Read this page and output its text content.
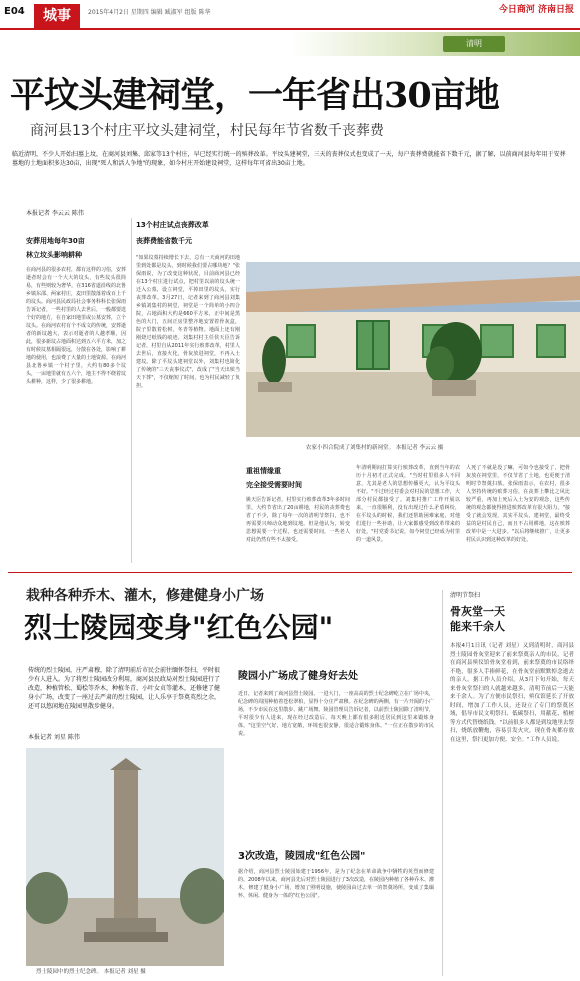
E04	城事	2015年4月2日 星期四 编辑 臧淑军 组版 陈华	今日商河 济南日报
清明
平坟头建祠堂，一年省出30亩地
商河县13个村庄平坟头建祠堂，村民每年节省数千丧葬费
临近清明，不少人开始扫墓上坟，在商河县刘集、邱家等13个村庄，早已经实行统一的殡葬改革。平坟头建祠堂，三天的丧葬仪式也变成了一天，每户丧葬费就能省下数千元，据了解，以前商河县每年用于安葬墓地的土地面积多达30亩，出现"死人和活人争地"的现象，如今村庄开始建设祠堂，这样每年可省出30亩土地。
本报记者 李云云 陈伟
安葬用地每年30亩
林立坟头影响耕种
在商河县的很多农村，都有这样的习俗，安葬逝者时会有一个大大的坟头，有些坟头很简易，有些则较为奢华。在316省道沿线的北鲁乡镇东邵、两家村庄，麦田里散落着成百上千的坟头。商河县民政局社会事务科科长张保雨告诉记者，一些村里的人去世后，一般都要选个好的地方，在自家田地里或公墓安葬，立个坟头。在商河农村有个不成文的传统，安葬逝者的新坟越大，表示对逝者的人越孝顺，因此，很多新坟占地面积达到五六平方米，加之有时候坟墓相隔很远，分散在各处，影响了耕地的使用，也浪费了大量的土地资源。在商河县北鲁乡镇一个村子里，大约有80多个坟头，一亩地里就有五六个，地主不得不绕着坟头耕种，这样，少了很多耕地。
13个村庄试点丧葬改革
丧葬费能省数千元
"如果坟墓持续增长下去，总有一天商河的田地里到处都是坟头，到时候我们要占哪块地？"张保雨说，为了改变这种状况，目前商河县已经在13个村庄进行试点，把村里以前的坟头统一迁入公墓，设立祠堂，平掉田里的坟头，实行丧葬改革。3月27日，记者来到了商河县刘集乡镇刘集村的祠堂，祠堂是一个简单的小四合院，占地面积大约是660平方米，正中间是黑色的大门，五间正房里整齐地安置着骨灰盒，院子里散着松树，冬青等植物。地面上还有刚刚烧过纸钱的痕迹。刘集村村主任侯天臣告诉记者，村里自从2011年实行殡葬改革，村里人去世后，直接火化，骨灰放进祠堂，不再入土建坟。除了平坟头建祠堂以外，刘集村也简化了传统的"三天丧事仪式"，改成了"当天出殡当天下葬"，不仅缩短了时间，也为村民减轻了负担。
农家小四合院成了刘集村的新祠堂。 本报记者 李云云 摄
重祖情缘重
完全接受需要时间
姚天臣告诉记者，村里实行殡葬改革3年多时间里，大约节省出了20亩耕地，村民的丧葬费也省了不少，除了每年一次的清明节祭扫，也不再需要兴师动众地到坟地。但是他认为，转变思想需要一个过程，也还需要时间，一些老人对此仍然有些不太接受。
年清明期间打算实行殡葬改革，直到当年的农历十月初才正式完成，"当时村里很多人不同意，尤其是老人的思想传播更大，认为平坟头不好。"不过经过村委会对村民的思想工作，大部分村民都接受了。刘集村推广工作开展以来，一直很顺利，没有出现过什么矛盾纠纷，在平坟头的时候，我们还帮助困难家庭，对他们进行一些补助，让大家都感受到改革带来的好处。"村党委书记说，如今祠堂已经成为村里的一道风景。
人死了不就是没了嘛，可如今也接受了，把骨灰放在祠堂里，不仅节省了土地，也更便于清明时节祭奠扫墓。张保雨表示，在农村，很多人坚持传统的殡葬习俗，在丧葬上攀比之风比较严重，再加上死后入土为安的观念，这些传统的观念都使得推进殡葬改革有很大阻力。"接受了就会发现，其实平坟头、建祠堂，最终受益的是村民自己，而且不占用耕地，这在殡葬改革中是一大进步。"以后将继续推广，让更多村民认识到这种改革的好处。
栽种各种乔木、灌木，修建健身小广场
烈士陵园变身"红色公园"
传统的烈士陵园，庄严肃穆，除了清明前后市民会前往缅怀祭扫，平时很少有人进入。为了将烈士陵园改分利用，商河县民政局对烈士陵园进行了改造，种植管松、蜀桧等乔木，种植冬青、小叶女贞等灌木，还修建了健身小广场，改变了一座过去严肃的烈士陵园，让人乐享于祭奠英烈之余，还可以悠闲地在陵园里散步健身。
本报记者 刘星 陈伟
烈士陵园中的烈士纪念碑。 本报记者 刘星 摄
陵园小广场成了健身好去处
近日，记者来到了商河县烈士陵园，一进大门，一座高高的烈士纪念碑屹立在广场中央，纪念碑的周围种植着苍松翠柏，显得十分庄严肃穆。在纪念碑的两侧，有一片开阔的小广场，不少市民在这里散步、跳广场舞。陵园管理员告诉记者，以前烈士陵园除了清明节，平时很少有人进来，现在经过改造后，每天晚上都有很多附近居民到这里来锻炼身体。"这里空气好，地方宽敞，环境也很安静，很适合锻炼身体。"一位正在散步的市民说。
3次改造，陵园成"红色公园"
据介绍，商河县烈士陵园始建于1956年，是为了纪念在革命战争中牺牲的英烈而修建的。2008年以来，商河县先后对烈士陵园进行了3次改造，在陵园内种植了各种乔木、灌木，修建了健身小广场，增加了照明设施，使陵园由过去单一的祭奠场所，变成了集缅怀、休闲、健身为一体的"红色公园"。
清明节祭扫
骨灰堂一天
能来千余人
本报4月1日讯（记者 刘星）又到清明时，商河县烈士陵园骨灰堂迎来了前来祭奠亲人的市民。记者在商河县殡仪馆骨灰堂看到，前来祭奠的市民络绎不绝，很多人手捧鲜花，在骨灰堂前默默悼念逝去的亲人。据工作人员介绍，从3月下旬开始，每天来骨灰堂祭扫的人就越来越多，清明节前后一天能来千余人。为了方便市民祭扫，殡仪馆延长了开放时间，增加了工作人员，还设立了专门的祭奠区域，倡导市民文明祭扫、低碳祭扫，用献花、植树等方式代替烧纸钱。"以前很多人都是到坟地里去祭扫，烧纸放鞭炮，容易引发火灾，现在骨灰都存放在这里，祭扫更加方便、安全。"工作人员说。
